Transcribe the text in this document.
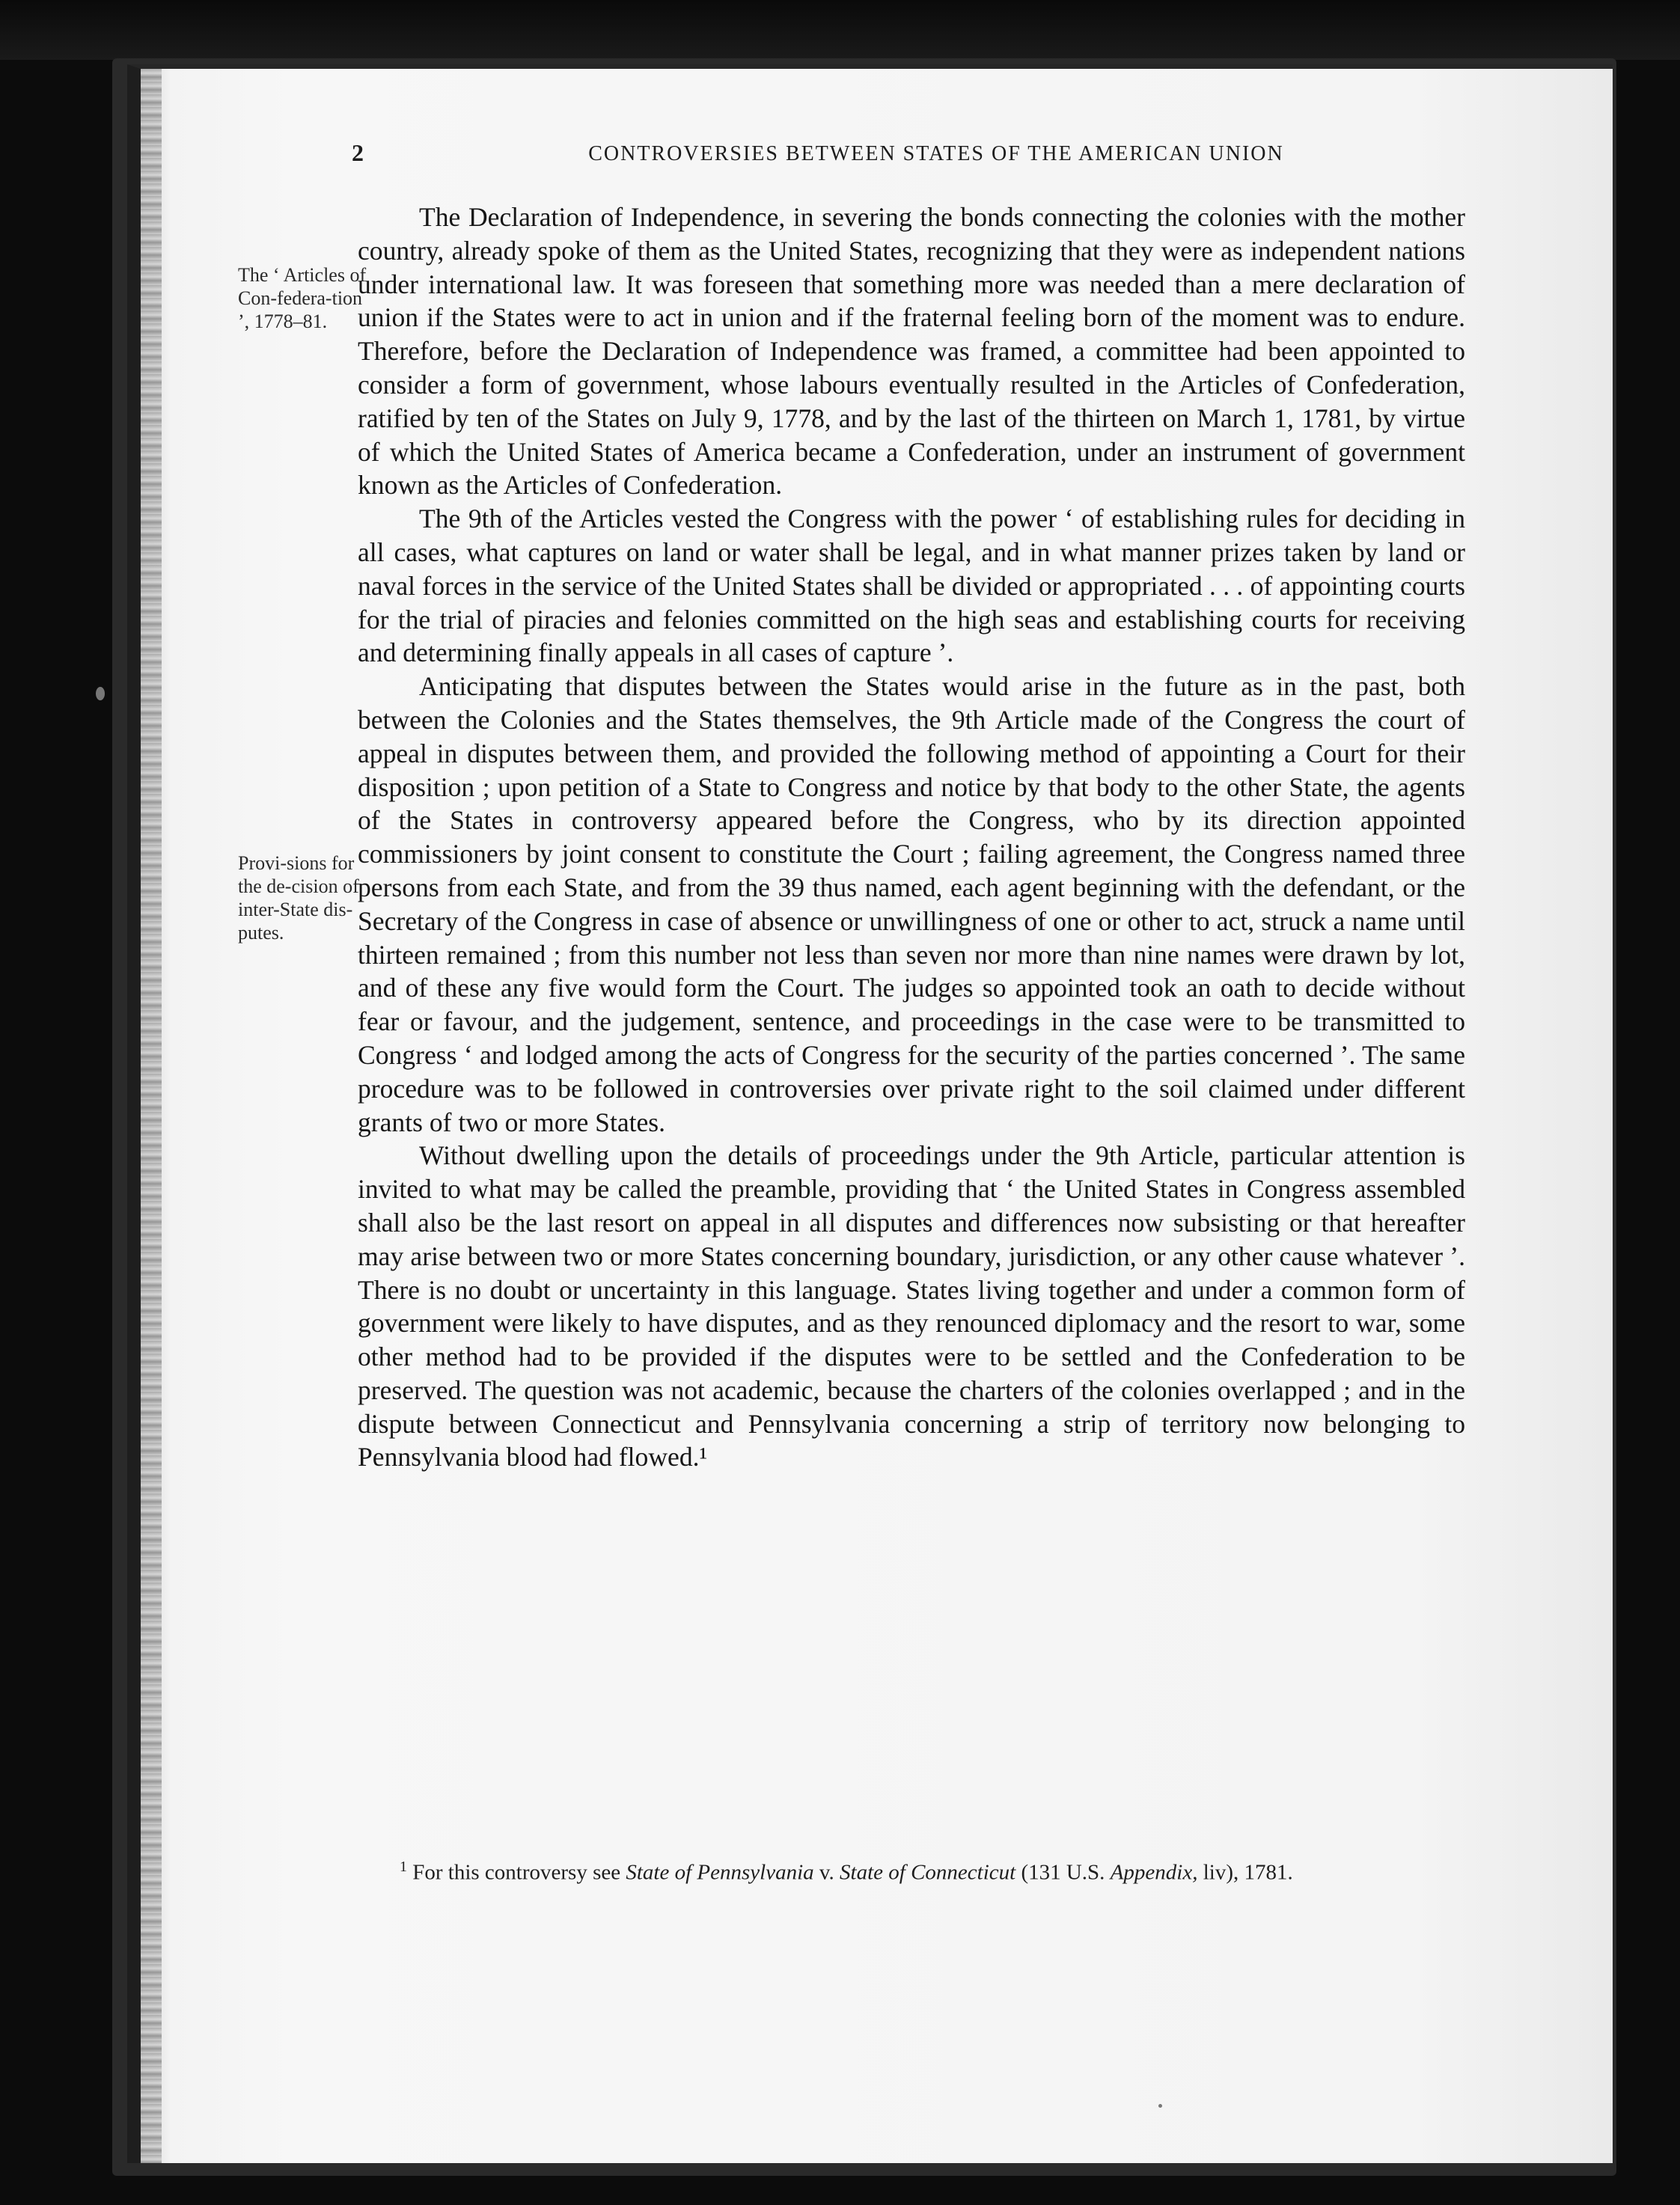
2	CONTROVERSIES BETWEEN STATES OF THE AMERICAN UNION
The ‘ Articles of Con-federa-tion ’, 1778–81.
Provi-sions for the de-cision of inter-State dis-putes.

The Declaration of Independence, in severing the bonds connecting the colonies with the mother country, already spoke of them as the United States, recognizing that they were as independent nations under international law. It was foreseen that something more was needed than a mere declaration of union if the States were to act in union and if the fraternal feeling born of the moment was to endure. Therefore, before the Declaration of Independence was framed, a committee had been appointed to consider a form of government, whose labours eventually resulted in the Articles of Confederation, ratified by ten of the States on July 9, 1778, and by the last of the thirteen on March 1, 1781, by virtue of which the United States of America became a Confederation, under an instrument of government known as the Articles of Confederation.

The 9th of the Articles vested the Congress with the power ‘ of establishing rules for deciding in all cases, what captures on land or water shall be legal, and in what manner prizes taken by land or naval forces in the service of the United States shall be divided or appropriated . . . of appointing courts for the trial of piracies and felonies committed on the high seas and establishing courts for receiving and determining finally appeals in all cases of capture ’.

Anticipating that disputes between the States would arise in the future as in the past, both between the Colonies and the States themselves, the 9th Article made of the Congress the court of appeal in disputes between them, and provided the following method of appointing a Court for their disposition ; upon petition of a State to Congress and notice by that body to the other State, the agents of the States in controversy appeared before the Congress, who by its direction appointed commissioners by joint consent to constitute the Court ; failing agreement, the Congress named three persons from each State, and from the 39 thus named, each agent beginning with the defendant, or the Secretary of the Congress in case of absence or unwillingness of one or other to act, struck a name until thirteen remained ; from this number not less than seven nor more than nine names were drawn by lot, and of these any five would form the Court. The judges so appointed took an oath to decide without fear or favour, and the judgement, sentence, and proceedings in the case were to be transmitted to Congress ‘ and lodged among the acts of Congress for the security of the parties concerned ’. The same procedure was to be followed in controversies over private right to the soil claimed under different grants of two or more States.

Without dwelling upon the details of proceedings under the 9th Article, particular attention is invited to what may be called the preamble, providing that ‘ the United States in Congress assembled shall also be the last resort on appeal in all disputes and differences now subsisting or that hereafter may arise between two or more States concerning boundary, jurisdiction, or any other cause whatever ’. There is no doubt or uncertainty in this language. States living together and under a common form of government were likely to have disputes, and as they renounced diplomacy and the resort to war, some other method had to be provided if the disputes were to be settled and the Confederation to be preserved. The question was not academic, because the charters of the colonies overlapped ; and in the dispute between Connecticut and Pennsylvania concerning a strip of territory now belonging to Pennsylvania blood had flowed.¹

$^1$ For this controversy see State of Pennsylvania v. State of Connecticut (131 U.S. Appendix, liv), 1781.
